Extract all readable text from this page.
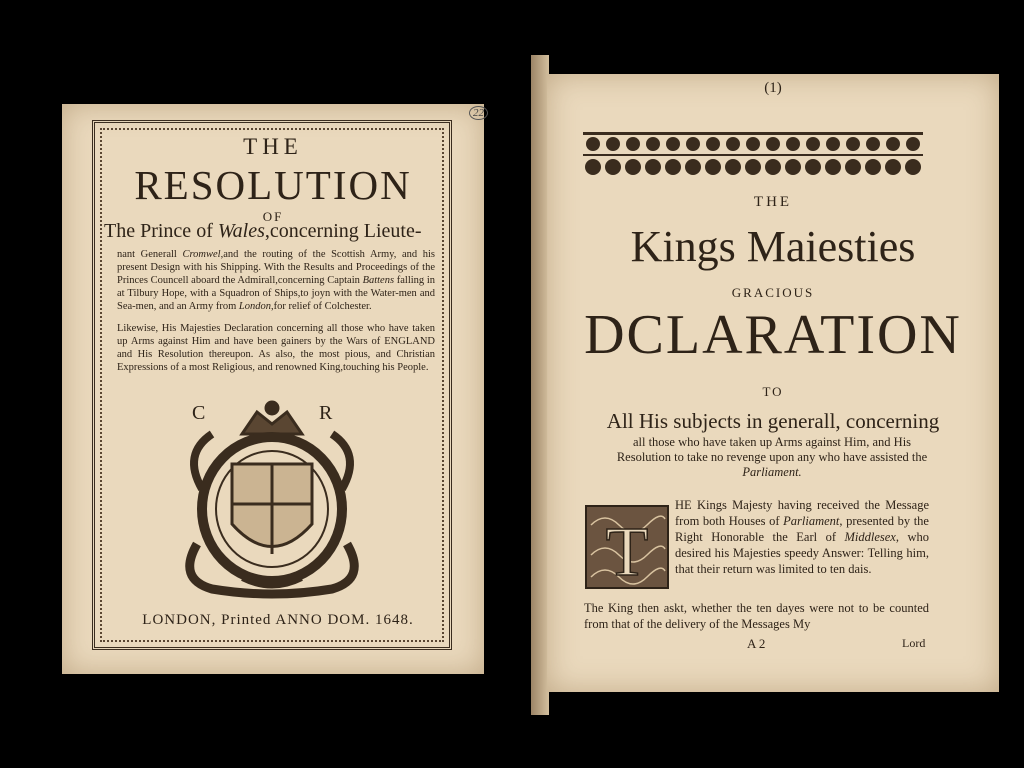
22
THE
RESOLUTION
OF
The Prince of Wales,concerning Lieute-
nant Generall Cromwel,and the routing of the Scottish Army, and his present Design with his Shipping. With the Results and Proceedings of the Princes Councell aboard the Admirall,concerning Captain Battens falling in at Tilbury Hope, with a Squadron of Ships,to joyn with the Water-men and Sea-men, and an Army from London,for relief of Colchester.
Likewise, His Majesties Declaration concerning all those who have taken up Arms against Him and have been gainers by the Wars of ENGLAND and His Resolution thereupon. As also, the most pious, and Christian Expressions of a most Religious, and renowned King,touching his People.
C	R
LONDON, Printed ANNO DOM. 1648.
(1)
THE
Kings Maiesties
GRACIOUS
DCLARATION
TO
All His subjects in generall, concerning
all those who have taken up Arms against Him, and His Resolution to take no revenge upon any who have assisted the Parliament.
T
HE Kings Majesty having received the Message from both Houses of Parliament, presented by the Right Honorable the Earl of Middlesex, who desired his Majesties speedy Answer: Telling him, that their return was limited to ten dais.
The King then askt, whether the ten dayes were not to be counted from that of the delivery of the Messages My
A 2	Lord
